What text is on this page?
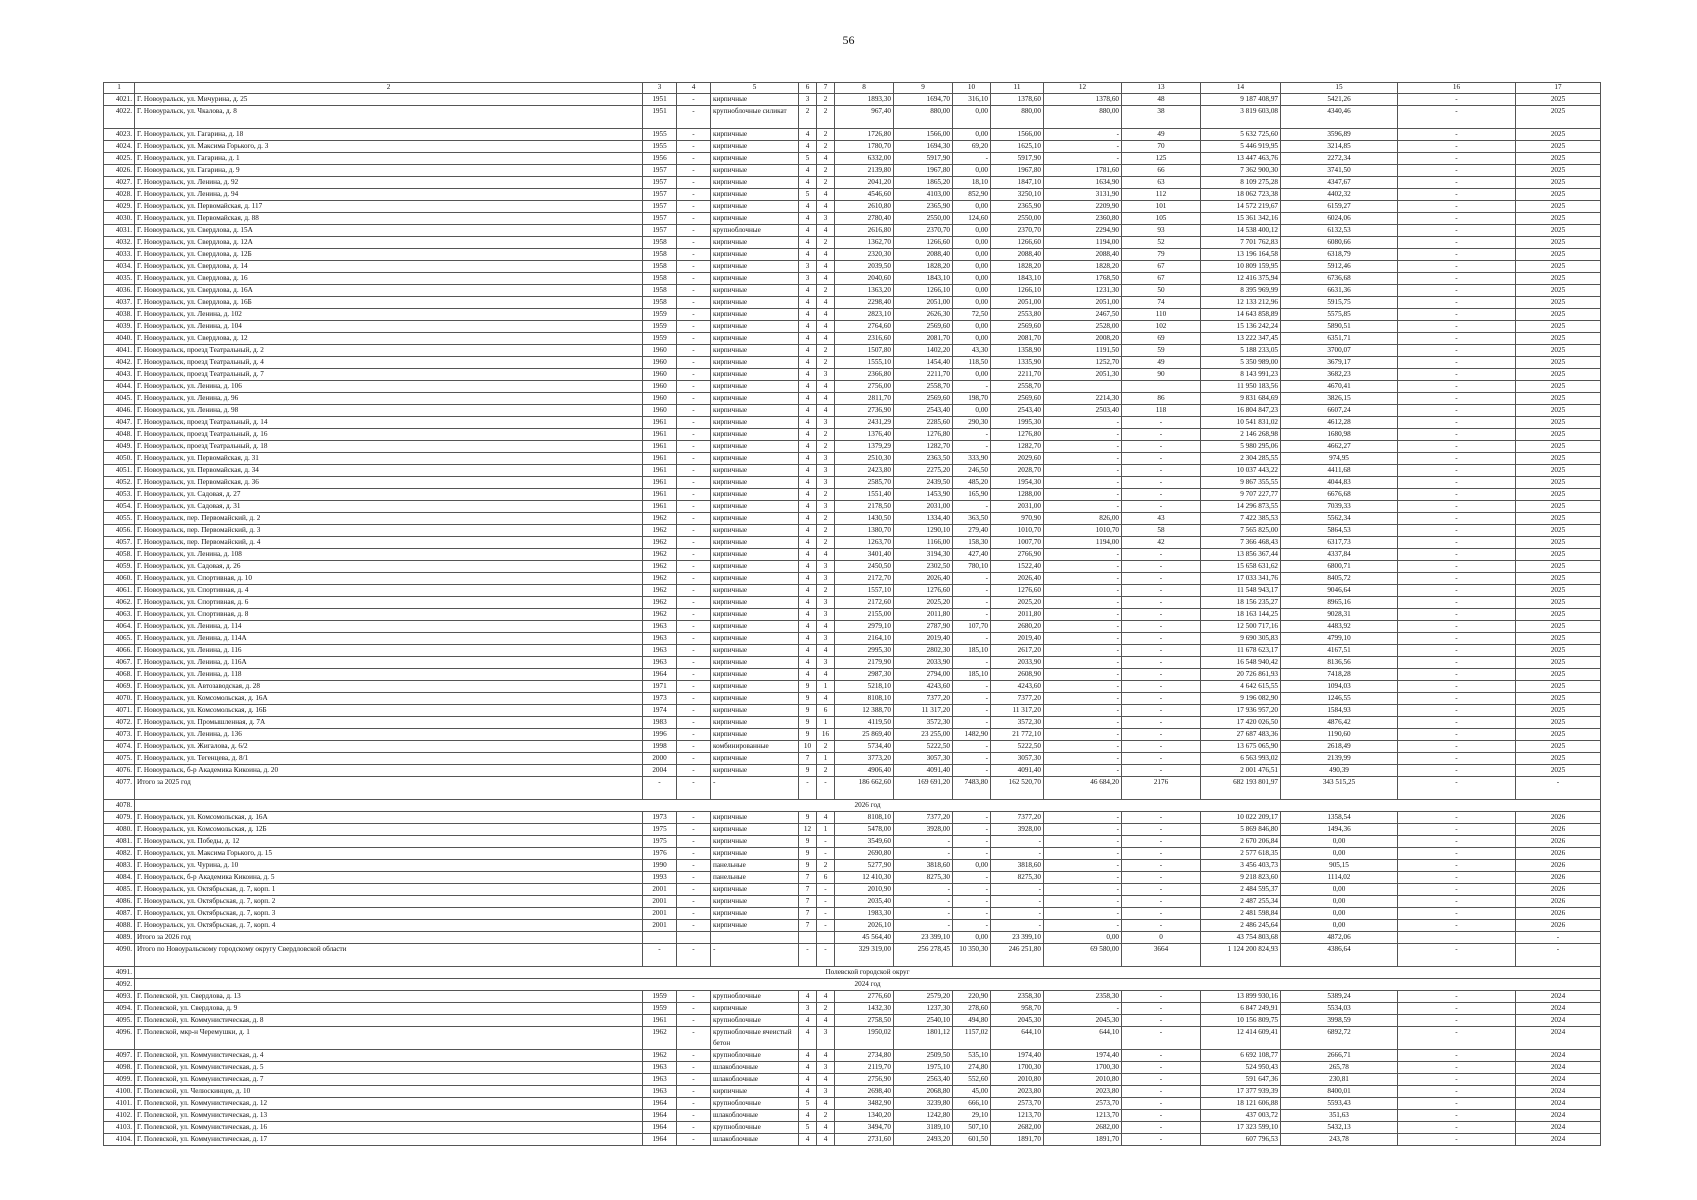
56
1	2	3	4	5	6	7	8	9	10	11	12	13	14	15	16	17
4021.	Г. Новоуральск, ул. Мичурина, д. 25	1951	-	кирпичные	3	2	1893,30	1694,70	316,10	1378,60	1378,60	48	9 187 408,97	5421,26	-	2025
4022.	Г. Новоуральск, ул. Чкалова, д. 8	1951	-	крупноблочные силикат	2	2	967,40	880,00	0,00	880,00	880,00	38	3 819 603,08	4340,46	-	2025
4023.	Г. Новоуральск, ул. Гагарина, д. 18	1955	-	кирпичные	4	2	1726,80	1566,00	0,00	1566,00	-	49	5 632 725,60	3596,89	-	2025
4024.	Г. Новоуральск, ул. Максима Горького, д. 3	1955	-	кирпичные	4	2	1780,70	1694,30	69,20	1625,10	-	70	5 446 919,95	3214,85	-	2025
4025.	Г. Новоуральск, ул. Гагарина, д. 1	1956	-	кирпичные	5	4	6332,00	5917,90	-	5917,90	-	125	13 447 463,76	2272,34	-	2025
4026.	Г. Новоуральск, ул. Гагарина, д. 9	1957	-	кирпичные	4	2	2139,80	1967,80	0,00	1967,80	1781,60	66	7 362 900,30	3741,50	-	2025
4027.	Г. Новоуральск, ул. Ленина, д. 92	1957	-	кирпичные	4	2	2041,20	1865,20	18,10	1847,10	1634,90	63	8 109 275,28	4347,67	-	2025
4028.	Г. Новоуральск, ул. Ленина, д. 94	1957	-	кирпичные	5	4	4546,60	4103,00	852,90	3250,10	3131,90	112	18 062 723,38	4402,32	-	2025
4029.	Г. Новоуральск, ул. Первомайская, д. 117	1957	-	кирпичные	4	4	2610,80	2365,90	0,00	2365,90	2209,90	101	14 572 219,67	6159,27	-	2025
4030.	Г. Новоуральск, ул. Первомайская, д. 88	1957	-	кирпичные	4	3	2780,40	2550,00	124,60	2550,00	2360,80	105	15 361 342,16	6024,06	-	2025
4031.	Г. Новоуральск, ул. Свердлова, д. 15А	1957	-	крупноблочные	4	4	2616,80	2370,70	0,00	2370,70	2294,90	93	14 538 400,12	6132,53	-	2025
4032.	Г. Новоуральск, ул. Свердлова, д. 12А	1958	-	кирпичные	4	2	1362,70	1266,60	0,00	1266,60	1194,00	52	7 701 762,83	6080,66	-	2025
4033.	Г. Новоуральск, ул. Свердлова, д. 12Б	1958	-	кирпичные	4	4	2320,30	2088,40	0,00	2088,40	2088,40	79	13 196 164,58	6318,79	-	2025
4034.	Г. Новоуральск, ул. Свердлова, д. 14	1958	-	кирпичные	3	4	2039,50	1828,20	0,00	1828,20	1828,20	67	10 809 159,95	5912,46	-	2025
4035.	Г. Новоуральск, ул. Свердлова, д. 16	1958	-	кирпичные	3	4	2040,60	1843,10	0,00	1843,10	1768,50	67	12 416 375,94	6736,68	-	2025
4036.	Г. Новоуральск, ул. Свердлова, д. 16А	1958	-	кирпичные	4	2	1363,20	1266,10	0,00	1266,10	1231,30	50	8 395 969,99	6631,36	-	2025
4037.	Г. Новоуральск, ул. Свердлова, д. 16Б	1958	-	кирпичные	4	4	2298,40	2051,00	0,00	2051,00	2051,00	74	12 133 212,96	5915,75	-	2025
4038.	Г. Новоуральск, ул. Ленина, д. 102	1959	-	кирпичные	4	4	2823,10	2626,30	72,50	2553,80	2467,50	110	14 643 858,89	5575,85	-	2025
4039.	Г. Новоуральск, ул. Ленина, д. 104	1959	-	кирпичные	4	4	2764,60	2569,60	0,00	2569,60	2528,00	102	15 136 242,24	5890,51	-	2025
4040.	Г. Новоуральск, ул. Свердлова, д. 12	1959	-	кирпичные	4	4	2316,60	2081,70	0,00	2081,70	2008,20	69	13 222 347,45	6351,71	-	2025
4041.	Г. Новоуральск, проезд Театральный, д. 2	1960	-	кирпичные	4	2	1507,80	1402,20	43,30	1358,90	1191,50	59	5 188 233,05	3700,07	-	2025
4042.	Г. Новоуральск, проезд Театральный, д. 4	1960	-	кирпичные	4	2	1555,10	1454,40	118,50	1335,90	1252,70	49	5 350 989,00	3679,17	-	2025
4043.	Г. Новоуральск, проезд Театральный, д. 7	1960	-	кирпичные	4	3	2366,80	2211,70	0,00	2211,70	2051,30	90	8 143 991,23	3682,23	-	2025
4044.	Г. Новоуральск, ул. Ленина, д. 106	1960	-	кирпичные	4	4	2756,00	2558,70	-	2558,70			11 950 183,56	4670,41	-	2025
4045.	Г. Новоуральск, ул. Ленина, д. 96	1960	-	кирпичные	4	4	2811,70	2569,60	198,70	2569,60	2214,30	86	9 831 684,69	3826,15	-	2025
4046.	Г. Новоуральск, ул. Ленина, д. 98	1960	-	кирпичные	4	4	2736,90	2543,40	0,00	2543,40	2503,40	118	16 804 847,23	6607,24	-	2025
4047.	Г. Новоуральск, проезд Театральный, д. 14	1961	-	кирпичные	4	3	2431,29	2285,60	290,30	1995,30	-	-	10 541 831,02	4612,28	-	2025
4048.	Г. Новоуральск, проезд Театральный, д. 16	1961	-	кирпичные	4	2	1376,40	1276,80	-	1276,80	-	-	2 146 268,98	1680,98	-	2025
4049.	Г. Новоуральск, проезд Театральный, д. 18	1961	-	кирпичные	4	2	1379,29	1282,70	-	1282,70	-	-	5 980 295,06	4662,27	-	2025
4050.	Г. Новоуральск, ул. Первомайская, д. 31	1961	-	кирпичные	4	3	2510,30	2363,50	333,90	2029,60	-	-	2 304 285,55	974,95	-	2025
4051.	Г. Новоуральск, ул. Первомайская, д. 34	1961	-	кирпичные	4	3	2423,80	2275,20	246,50	2028,70	-	-	10 037 443,22	4411,68	-	2025
4052.	Г. Новоуральск, ул. Первомайская, д. 36	1961	-	кирпичные	4	3	2585,70	2439,50	485,20	1954,30	-	-	9 867 355,55	4044,83	-	2025
4053.	Г. Новоуральск, ул. Садовая, д. 27	1961	-	кирпичные	4	2	1551,40	1453,90	165,90	1288,00	-	-	9 707 227,77	6676,68	-	2025
4054.	Г. Новоуральск, ул. Садовая, д. 31	1961	-	кирпичные	4	3	2178,50	2031,00	-	2031,00	-	-	14 296 873,55	7039,33	-	2025
4055.	Г. Новоуральск, пер. Первомайский, д. 2	1962	-	кирпичные	4	2	1430,50	1334,40	363,50	970,90	826,00	43	7 422 385,53	5562,34	-	2025
4056.	Г. Новоуральск, пер. Первомайский, д. 3	1962	-	кирпичные	4	2	1380,70	1290,10	279,40	1010,70	1010,70	58	7 565 825,00	5864,53	-	2025
4057.	Г. Новоуральск, пер. Первомайский, д. 4	1962	-	кирпичные	4	2	1263,70	1166,00	158,30	1007,70	1194,00	42	7 366 468,43	6317,73	-	2025
4058.	Г. Новоуральск, ул. Ленина, д. 108	1962	-	кирпичные	4	4	3401,40	3194,30	427,40	2766,90	-	-	13 856 367,44	4337,84	-	2025
4059.	Г. Новоуральск, ул. Садовая, д. 26	1962	-	кирпичные	4	3	2450,50	2302,50	780,10	1522,40	-	-	15 658 631,62	6800,71	-	2025
4060.	Г. Новоуральск, ул. Спортивная, д. 10	1962	-	кирпичные	4	3	2172,70	2026,40	-	2026,40	-	-	17 033 341,76	8405,72	-	2025
4061.	Г. Новоуральск, ул. Спортивная, д. 4	1962	-	кирпичные	4	2	1557,10	1276,60	-	1276,60	-	-	11 548 943,17	9046,64	-	2025
4062.	Г. Новоуральск, ул. Спортивная, д. 6	1962	-	кирпичные	4	3	2172,60	2025,20	-	2025,20	-	-	18 156 235,27	8965,16	-	2025
4063.	Г. Новоуральск, ул. Спортивная, д. 8	1962	-	кирпичные	4	3	2155,00	2011,80	-	2011,80	-	-	18 163 144,25	9028,31	-	2025
4064.	Г. Новоуральск, ул. Ленина, д. 114	1963	-	кирпичные	4	4	2979,10	2787,90	107,70	2680,20	-	-	12 500 717,16	4483,92	-	2025
4065.	Г. Новоуральск, ул. Ленина, д. 114А	1963	-	кирпичные	4	3	2164,10	2019,40	-	2019,40	-	-	9 690 305,83	4799,10	-	2025
4066.	Г. Новоуральск, ул. Ленина, д. 116	1963	-	кирпичные	4	4	2995,30	2802,30	185,10	2617,20	-	-	11 678 623,17	4167,51	-	2025
4067.	Г. Новоуральск, ул. Ленина, д. 116А	1963	-	кирпичные	4	3	2179,90	2033,90	-	2033,90	-	-	16 548 940,42	8136,56	-	2025
4068.	Г. Новоуральск, ул. Ленина, д. 118	1964	-	кирпичные	4	4	2987,30	2794,00	185,10	2608,90	-	-	20 726 861,93	7418,28	-	2025
4069.	Г. Новоуральск, ул. Автозаводская, д. 28	1971	-	кирпичные	9	1	5218,10	4243,60	-	4243,60	-	-	4 642 615,55	1094,03	-	2025
4070.	Г. Новоуральск, ул. Комсомольская, д. 16А	1973	-	кирпичные	9	4	8108,10	7377,20	-	7377,20	-	-	9 196 082,90	1246,55	-	2025
4071.	Г. Новоуральск, ул. Комсомольская, д. 16Б	1974	-	кирпичные	9	6	12 388,70	11 317,20	-	11 317,20	-	-	17 936 957,20	1584,93	-	2025
4072.	Г. Новоуральск, ул. Промышленная, д. 7А	1983	-	кирпичные	9	1	4119,50	3572,30	-	3572,30	-	-	17 420 026,50	4876,42	-	2025
4073.	Г. Новоуральск, ул. Ленина, д. 136	1996	-	кирпичные	9	16	25 869,40	23 255,00	1482,90	21 772,10	-	-	27 687 483,36	1190,60	-	2025
4074.	Г. Новоуральск, ул. Жигалова, д. 6/2	1998	-	комбинированные	10	2	5734,40	5222,50	-	5222,50	-	-	13 675 065,90	2618,49	-	2025
4075.	Г. Новоуральск, ул. Тегенцева, д. 8/1	2000	-	кирпичные	7	1	3773,20	3057,30	-	3057,30	-	-	6 563 993,02	2139,99	-	2025
4076.	Г. Новоуральск, б-р Академика Кикоина, д. 20	2004	-	кирпичные	9	2	4906,40	4091,40	-	4091,40	-	-	2 001 476,51	490,39	-	2025
4077.	Итого за 2025 год	-	-	-	-	-	186 662,60	169 691,20	7483,80	162 520,70	46 684,20	2176	682 193 801,97	343 515,25	-	-
4078.	2026 год															
4079.	Г. Новоуральск, ул. Комсомольская, д. 16А	1973	-	кирпичные	9	4	8108,10	7377,20	-	7377,20	-	-	10 022 209,17	1358,54	-	2026
4080.	Г. Новоуральск, ул. Комсомольская, д. 12Б	1975	-	кирпичные	12	1	5478,00	3928,00	-	3928,00	-	-	5 869 846,80	1494,36	-	2026
4081.	Г. Новоуральск, ул. Победы, д. 12	1975	-	кирпичные	9	-	3549,60	-	-	-	-	-	2 670 206,84	0,00	-	2026
4082.	Г. Новоуральск, ул. Максима Горького, д. 15	1976	-	кирпичные	9	-	2690,80	-	-	-	-	-	2 577 618,35	0,00	-	2026
4083.	Г. Новоуральск, ул. Чурина, д. 10	1990	-	панельные	9	2	5277,90	3818,60	0,00	3818,60	-	-	3 456 403,73	905,15	-	2026
4084.	Г. Новоуральск, б-р Академика Кикоина, д. 5	1993	-	панельные	7	6	12 410,30	8275,30	-	8275,30	-	-	9 218 823,60	1114,02	-	2026
4085.	Г. Новоуральск, ул. Октябрьская, д. 7, корп. 1	2001	-	кирпичные	7	-	2010,90	-	-	-	-	-	2 484 595,37	0,00	-	2026
4086.	Г. Новоуральск, ул. Октябрьская, д. 7, корп. 2	2001	-	кирпичные	7	-	2035,40	-	-	-	-	-	2 487 255,34	0,00	-	2026
4087.	Г. Новоуральск, ул. Октябрьская, д. 7, корп. 3	2001	-	кирпичные	7	-	1983,30	-	-	-	-	-	2 481 598,84	0,00	-	2026
4088.	Г. Новоуральск, ул. Октябрьская, д. 7, корп. 4	2001	-	кирпичные	7	-	2026,10	-	-	-	-	-	2 486 245,64	0,00	-	2026
4089.	Итого за 2026 год						45 564,40	23 399,10	0,00	23 399,10	0,00	0	43 754 803,68	4872,06		-
4090.	Итого по Новоуральскому городскому округу Свердловской области	-	-	-	-	-	329 319,00	256 278,45	10 350,30	246 251,80	69 580,00	3664	1 124 200 824,93	4386,64	-	-
4091.	Полевской городской округ															
4092.	2024 год															
4093.	Г. Полевской, ул. Свердлова, д. 13	1959	-	крупноблочные	4	4	2776,60	2579,20	220,90	2358,30	2358,30	-	13 899 930,16	5389,24	-	2024
4094.	Г. Полевской, ул. Свердлова, д. 9	1959	-	кирпичные	3	2	1432,30	1237,30	278,60	958,70	-	-	6 847 249,91	5534,03	-	2024
4095.	Г. Полевской, ул. Коммунистическая, д. 8	1961	-	крупноблочные	4	4	2758,50	2540,10	494,80	2045,30	2045,30	-	10 156 809,75	3998,59	-	2024
4096.	Г. Полевской, мкр-н Черемушки, д. 1	1962	-	крупноблочные ячеистый бетон	4	3	1950,02	1801,12	1157,02	644,10	644,10	-	12 414 609,41	6892,72	-	2024
4097.	Г. Полевской, ул. Коммунистическая, д. 4	1962	-	крупноблочные	4	4	2734,80	2509,50	535,10	1974,40	1974,40	-	6 692 108,77	2666,71	-	2024
4098.	Г. Полевской, ул. Коммунистическая, д. 5	1963	-	шлакоблочные	4	3	2119,70	1975,10	274,80	1700,30	1700,30	-	524 950,43	265,78	-	2024
4099.	Г. Полевской, ул. Коммунистическая, д. 7	1963	-	шлакоблочные	4	4	2756,90	2563,40	552,60	2010,80	2010,80	-	591 647,36	230,81	-	2024
4100.	Г. Полевской, ул. Челюскинцев, д. 10	1963	-	кирпичные	4	3	2698,40	2068,80	45,00	2023,80	2023,80	-	17 377 939,39	8400,01	-	2024
4101.	Г. Полевской, ул. Коммунистическая, д. 12	1964	-	крупноблочные	5	4	3482,90	3239,80	666,10	2573,70	2573,70	-	18 121 606,88	5593,43	-	2024
4102.	Г. Полевской, ул. Коммунистическая, д. 13	1964	-	шлакоблочные	4	2	1340,20	1242,80	29,10	1213,70	1213,70	-	437 003,72	351,63	-	2024
4103.	Г. Полевской, ул. Коммунистическая, д. 16	1964	-	крупноблочные	5	4	3494,70	3189,10	507,10	2682,00	2682,00	-	17 323 599,10	5432,13	-	2024
4104.	Г. Полевской, ул. Коммунистическая, д. 17	1964	-	шлакоблочные	4	4	2731,60	2493,20	601,50	1891,70	1891,70	-	607 796,53	243,78	-	2024
